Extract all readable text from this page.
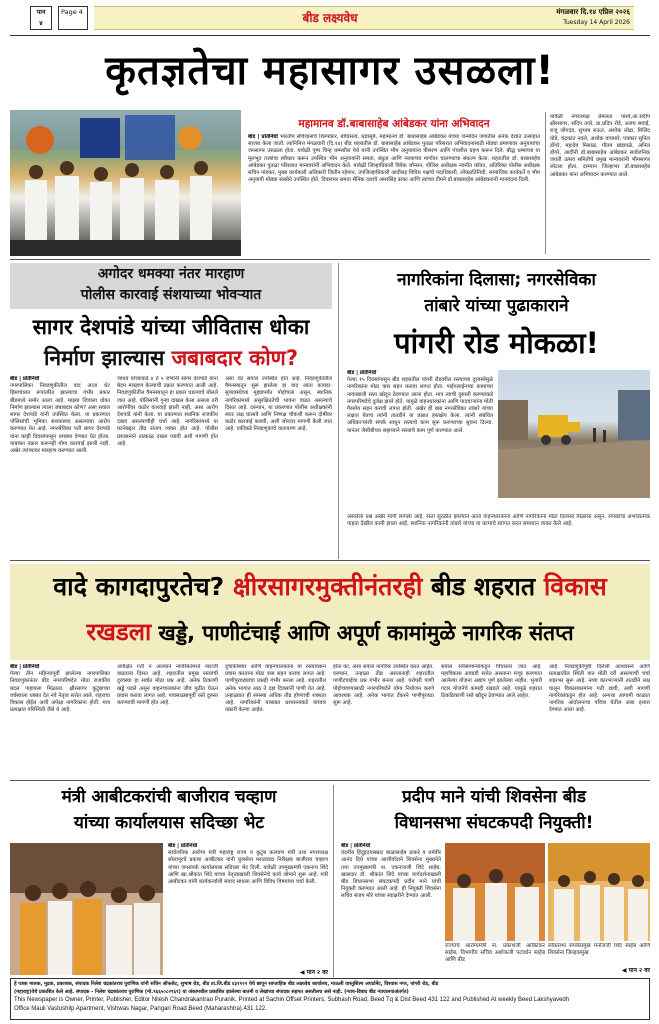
पान
४
Page 4	बीड लक्ष्यवेध	मंगळवार दि.१४ एप्रिल २०२६
Tuesday 14 April 2026
कृतज्ञतेचा महासागर उसळला!
महामानव डॉ.बाबासाहेब आंबेडकर यांना अभिवादन
बीड | प्रतिनिधी भारतीय संविधानाचे शिल्पकार, बोधिसत्व, प्रज्ञासूर्य, महामानव डॉ. बाबासाहेब आंबेडकर यांच्या जन्मदिन जगातील अनेक देशांत उत्साहात साजरा केला जातो. त्यानिमित्त मंगळवारी (दि.१४) बीड शहरातील डॉ. बाबासाहेब आंबेडकर पुतळा परिसरात अभिवादनासाठी मोठ्या प्रमाणावर अनुयायांचा जनसागर उसळला होता. यावेळी पुष्प चिन्ह धम्मशील येथे यांनी उपस्थित भीम अनुयायांना त्रीशरण आणि पंचशील ग्रहण करून दिले. बौद्ध धम्माच्या या मूलभूत तत्त्वांचा स्वीकार करून उपस्थित भीम अनुयायांनी समता, बंधुता आणि न्यायाच्या मार्गावर चालण्याचा संकल्प केला. शहरातील डॉ. बाबासाहेब आंबेडकर पुतळा परिसरात मान्यवरांनी अभिवादन केले. यावेळी जिल्हाधिकारी विवेक जॉन्सन, पोलिस अधीक्षक नवनीत कॉवत, अतिरिक्त पोलीस अधीक्षक सचिन पांडकर, मुख्य कार्यकारी अधिकारी जितीन रहेमान, उपजिल्हाधिकारी आदींसह विविध पक्षांचे पदाधिकारी, लोकप्रतिनिधी, सामाजिक कार्यकर्ते व भीम अनुयायी मोठ्या संख्येने उपस्थित होते. दिवसभर समता सैनिक दलाचे अमरसिंह ढाका आणि त्यांच्या टीमने डॉ.बाबासाहेब आंबेडकरांनी मानवंदना दिली.
यावेळी नगराध्यक्ष प्रेमलता पारवे,आ.संदीप क्षीरसागर, संदिप उपरे, प्रा.प्रदिप रोडे, अजय सवाई, राजु जोगदंड, सुभाष राऊत, अशोक लोढा, मिलिंद घोडे, चंद्रकांत नवले, अशोक वाघमारे, पत्रकार सुनिल डोंगरे, महादेव मिसाळ, गौतम खंडागळे, अनिल डोंगरे, आदींनी डॉ.बाबासाहेब आंबेडकर सार्वजनिक जयंती उत्सव समितीचे प्रमुख मान्यवरांनी भीमसागर लोटला होता. दरम्यान जिल्हाभर डॉ.बाबासाहेब आंबेडकर यांना अभिवादन करण्यात आले.
अगोदर धमक्या नंतर मारहाण
पोलीस कारवाई संशयाच्या भोवऱ्यात
सागर देशपांडे यांच्या जीवितास धोका
निर्माण झाल्यास जबाबदार कोण?
बीड | प्रतिनिधी
नगरपालिका निवडणुकीतील वाद आता थेट हिंसाचारात रूपांतरित झाल्याचा गंभीर प्रकार बीडमध्ये समोर आला आहे. माझ्या जिवाला धोका निर्माण झाल्यास त्याला जबाबदार कोण? असा सवाल सागर देशपांडे यांनी उपस्थित केला. या प्रकरणात पोलिसांची भूमिका संशयास्पद असल्याचा आरोप करण्यात येत आहे. नगरसेविका पती सागर देशपांडे यांना काही दिवसांपासून धमक्या देण्यात येत होत्या. याबाबत तक्रार करूनही योग्य कारवाई झाली नाही. अखेर त्यांच्यावर मारहाण करण्यात आली.
जाधव यांच्याकडे ४ ते ५ जणांनी सागर देशपांडे यांना बेदम मारहाण केल्याची तक्रार करण्यात आली आहे. निवडणुकीतील वैमनस्यातून हा प्रकार घडल्याचे बोलले जात आहे. पोलिसांनी गुन्हा दाखल केला असला तरी आरोपींवर कठोर कारवाई झाली नाही, असा आरोप देशपांडे यांनी केला. या प्रकरणात स्थानिक राजकीय दबाव असल्याचीही चर्चा आहे. नागरिकांमध्ये या घटनेबद्दल तीव्र संताप व्यक्त होत आहे. पोलीस प्रशासनाने तात्काळ दखल घ्यावी अशी मागणी होत आहे.
असा थेट सवाल उपस्थित होत आहे. निवडणुकीतील वैमनस्यातून सुरू झालेला हा वाद आता कायदा-सुव्यवस्थेच्या मुद्द्यापर्यंत पोहोचला असून, स्थानिक नागरिकांमध्ये असुरक्षिततेची भावना वाढत असल्याचे दिसत आहे. दरम्यान, या प्रकरणात पोलीस अधीक्षकांनी स्वतः लक्ष घालावे आणि निष्पक्ष चौकशी करून दोषींवर कठोर कारवाई करावी, अशी जोरदार मागणी केली जात आहे. एकीकडे निवडणुकांचे वातावरण आहे.
नागरिकांना दिलासा; नगरसेविका
तांबारे यांच्या पुढाकाराने
पांगरी रोड मोकळा!
बीड | प्रतिनिधी
गेल्या १५ दिवसांपासून बीड शहरातील पांगरी रोडवरील रस्त्याच्या दुरवस्थेमुळे नागरिकांना मोठा त्रास सहन करावा लागत होता. पाईपलाईनच्या कामाच्या नावाखाली रस्ता खोदून ठेवण्यात आला होता. मात्र त्याची दुरुस्ती करण्याकडे नगरपरिषदेचे दुर्लक्ष झाले होते. यामुळे वाहनधारकांना आणि पादचाऱ्यांना मोठी गैरसोय सहन करावी लागत होती. अखेर ही बाब नगरसेविका तांबारे यांच्या लक्षात येताच त्यांनी तातडीने या प्रश्नात हस्तक्षेप केला. त्यांनी संबंधित अधिकाऱ्यांशी संपर्क साधून रस्त्याचे काम सुरू करण्याच्या सूचना दिल्या. यानंतर जेसीबीच्या सहाय्याने रस्त्याचे काम पूर्ण करण्यात आले.
असलेला प्रश्न अखेर मार्गी लागला आहे. रस्ता सुरळीत झाल्याने आता वाहनधारकांना आणि नागरिकांना मोठा दिलासा मिळाला असून, संपर्काचा अभावात्मक पाहता देखील कामी झाला आहे. स्थानिक नागरिकांनी तांबारे यांच्या या कामाचे स्वागत करत समाधान व्यक्त केले आहे.
वादे कागदापुरतेच? क्षीरसागरमुक्तीनंतरही बीड शहरात विकास
रखडला खड्डे, पाणीटंचाई आणि अपूर्ण कामांमुळे नागरिक संतप्त
बीड | प्रतिनिधी
गेल्या तीन महिन्यांपूर्वी झालेल्या नगरपालिका निवडणुकांनंतर बीड नगरपरिषदेत मोठा राजकीय बदल पाहायला मिळाला. क्षीरसागर कुटुंबाच्या वर्चस्वाला धक्का देत नवे नेतृत्व सत्तेत आले. शहराचा विकास होईल अशी अपेक्षा नागरिकांना होती. मात्र प्रत्यक्षात परिस्थिती जैसे थे आहे.
अपेक्षित गती न आल्याने नागरिकांमध्ये नाराजी वाढताना दिसत आहे. शहरातील प्रमुख रस्त्यांची दुरवस्था हा सर्वात मोठा प्रश्न आहे. अनेक ठिकाणी खड्डे पडले असून वाहनचालकांना जीव मुठीत घेऊन प्रवास करावा लागत आहे. पावसाळ्यापूर्वी रस्ते दुरुस्त करण्याची मागणी होत आहे.
दुचाकीस्वार आणि वाहनचालकांना या रस्त्यावरून प्रवास करताना मोठा त्रास सहन करावा लागत आहे. पाणीपुरवठ्याचा प्रश्नही गंभीर बनला आहे. शहरातील अनेक भागांत आठ ते दहा दिवसांनी पाणी येत आहे. उन्हाळ्यात ही समस्या अधिक तीव्र होण्याची शक्यता आहे. नागरिकांनी याबाबत प्रशासनाकडे वारंवार तक्रारी केल्या आहेत.
होता का, असा सवाल नागरिक उपस्थित करत आहेत. दरम्यान, उन्हाळा तीव्र असतानाही शहरातील पाणीटंचाईचा प्रश्न गंभीर बनला आहे. घरोघरी पाणी पोहोचवण्यासाठी नगरपरिषदेने योग्य नियोजन करणे आवश्यक आहे. अनेक भागांत टँकरने पाणीपुरवठा सुरू आहे.
सवाल सर्वसामान्यांकडून विचारला जात आहे. महाविकास आघाडी सत्तेत असताना मंजूर करण्यात आलेल्या योजना अद्याप पूर्ण झालेल्या नाहीत. भुयारी गटार योजनेचे कामही रखडले आहे. यामुळे शहरात ठिकठिकाणी रस्ते खोदून ठेवण्यात आले आहेत.
आहे. निवडणुकीपूर्वी दिलेली आश्वासने आणि प्रत्यक्षातील स्थिती यात मोठी दरी असल्याची चर्चा शहरभर सुरू आहे. नव्या कारभाऱ्यांनी तातडीने लक्ष घालून विकासकामांना गती द्यावी, अशी मागणी नागरिकांकडून होत आहे. अन्यथा आगामी काळात नागरिक आंदोलनाचा पवित्रा घेतील असा इशारा देण्यात आला आहे.
मंत्री आबीटकरांची बाजीराव चव्हाण
यांच्या कार्यालयास सदिच्छा भेट
बीड | प्रतिनिधी
सार्वजनिक आरोग्य मंत्री महाराष्ट्र राज्य व कुटुंब कल्याण मंत्री तथा नगराध्यक्ष सोलापूरचे प्रकाश आबीटकर यांनी युवासेना मराठवाडा निरीक्षक बाजीराव चव्हाण यांच्या जनसंपर्क कार्यालयास सदिच्छा भेट दिली. यावेळी उपमुख्यमंत्री एकनाथ शिंदे आणि खा.श्रीकांत शिंदे यांच्या नेतृत्वाखाली शिवसेनेचे कार्य जोमाने सुरू आहे. मंत्री आबीटकर यांनी कार्यकर्त्यांशी संवाद साधला आणि विविध विषयांवर चर्चा केली.
◀ पान २ वर
प्रदीप माने यांची शिवसेना बीड
विधानसभा संघटकपदी नियुक्ती!
बीड | प्रतिनिधी
वंदनीय हिंदुहृदयसम्राट बाळासाहेब ठाकरे व धर्मवीर आनंद दिघे यांच्या आशीर्वादाने शिवसेना मुख्यनेते तथा उपमुख्यमंत्री ना. एकनाथजी शिंदे साहेब, खासदार डॉ. श्रीकांत शिंदे यांच्या मार्गदर्शनाखाली बीड विधानसभा संघटकपदी प्रदीप माने यांची नियुक्ती करण्यात आली आहे. ही नियुक्ती शिवसेना सचिव संजय मोरे यांच्या स्वाक्षरीने देण्यात आली.
राज्याचे आरोग्यमंत्री ना. प्रकाशजी आबिटकर साहेब, विभागीय सचिव अशोकजी पटवर्धन साहेब आणि बीड
लोकसभा संपर्कप्रमुख मनोजजी शिंदे साहेब आणि शिवसेना जिल्हाप्रमुख
◀ पान २ वर
हे पत्रक मालक, मुद्रक, प्रकाशक, संपादक निलेश चंद्रकांतराव पुराणिक यांनी सचिन ऑफसेट, सुभाष रोड, बीड ता.जि.बीड ४३११२२ येथे छापून साप्ताहिक बीड लक्ष्यवेध कार्यालय, माऊली वास्तुशिल्प अपार्टमेंट, विश्वास नगर, पांगरी रोड, बीड
(महाराष्ट्र)येथे प्रकाशित केले आहे. संपादक - निलेश चंद्रकांतराव पुराणिक (मो.९६६५०८२९६९) या अंकामधील प्रकाशित झालेल्या बातमी व लेखांच्या संपादक सहमत असतीलच असे नाही. (न्याय-विवाद बीड न्यायालयाअंतर्गत)
This Newspaper is Owner, Printer, Publisher, Editor Nilesh Chandrakantrao Puranik, Printed at Sachin Offset Printers, Subhash Road, Beed Tq & Dist Beed 431 122 and Published At weekly Beed Lakshyavedh
Office Mauli Vastushilp Apartment, Vishwas Nagar, Pangari Road Beed (Maharashtra).431 122.
